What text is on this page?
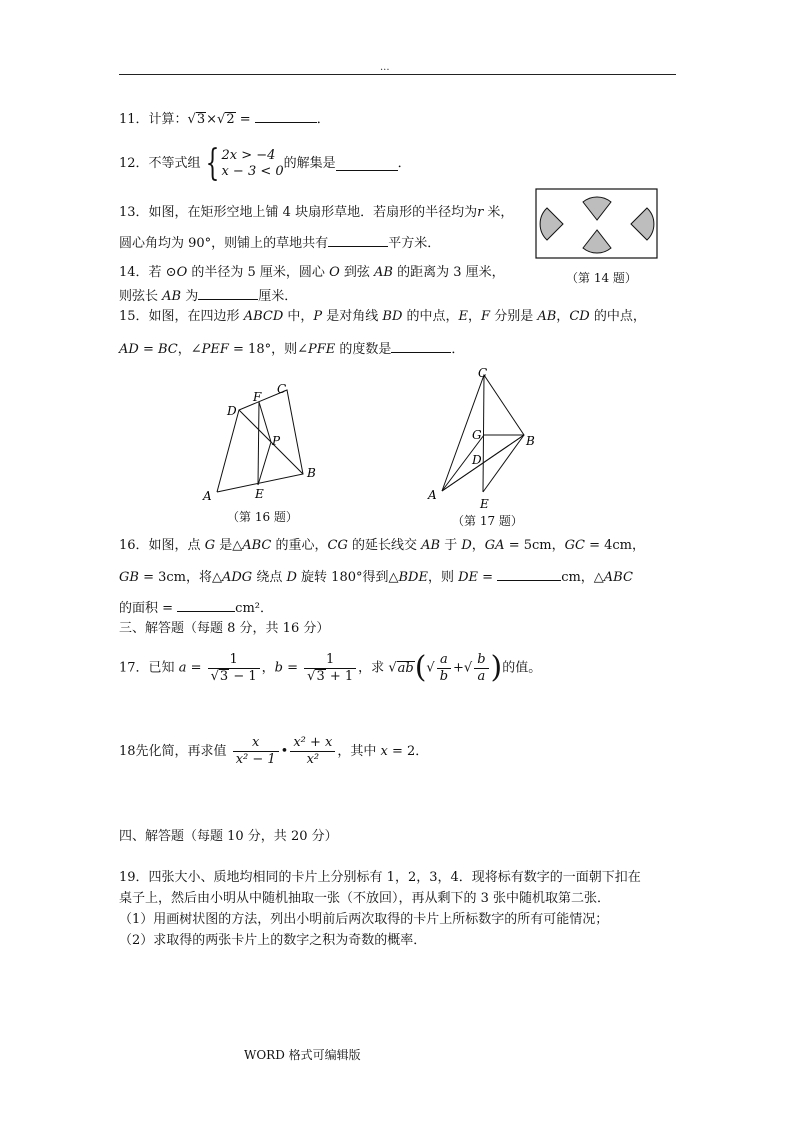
...
11．计算：√3×√2 =	．
12．不等式组 { 2x > −4
x − 3 < 0
的解集是	．
13．如图，在矩形空地上铺 4 块扇形草地．若扇形的半径均为r 米，
圆心角均为 90°，则铺上的草地共有	平方米．
（第 14 题）
14．若 ⊙O 的半径为 5 厘米，圆心 O 到弦 AB 的距离为 3 厘米，
则弦长 AB 为	厘米．
15．如图，在四边形 ABCD 中，P 是对角线 BD 的中点，E，F 分别是 AB，CD 的中点，
AD = BC，∠PEF = 18°，则∠PFE 的度数是	．
A
B
C
D
E
F
P
（第 16 题）
A
B
C
D
E
G
（第 17 题）
16．如图，点 G 是△ABC 的重心，CG 的延长线交 AB 于 D，GA = 5cm，GC = 4cm，
GB = 3cm，将△ADG 绕点 D 旋转 180°得到△BDE，则 DE =	cm，△ABC
的面积 =	cm²．
三、解答题（每题 8 分，共 16 分）
17．已知 $a = \frac{1}{√3 - 1}$ ，$b = \frac{1}{√3 + 1}$ ，求 $√ab(√ \frac{a}{b}$ +√ $\frac{b}{a}$ )的值。
18先化简，再求值 $\frac{x}{\text{x² − 1}}$ • $\frac{\text{x² + x}}{\text{x²}}$ ，其中 x = 2．
四、解答题（每题 10 分，共 20 分）
19．四张大小、质地均相同的卡片上分别标有 1，2，3，4．现将标有数字的一面朝下扣在
桌子上，然后由小明从中随机抽取一张（不放回），再从剩下的 3 张中随机取第二张．
（1）用画树状图的方法，列出小明前后两次取得的卡片上所标数字的所有可能情况；
（2）求取得的两张卡片上的数字之积为奇数的概率．
WORD 格式可编辑版
